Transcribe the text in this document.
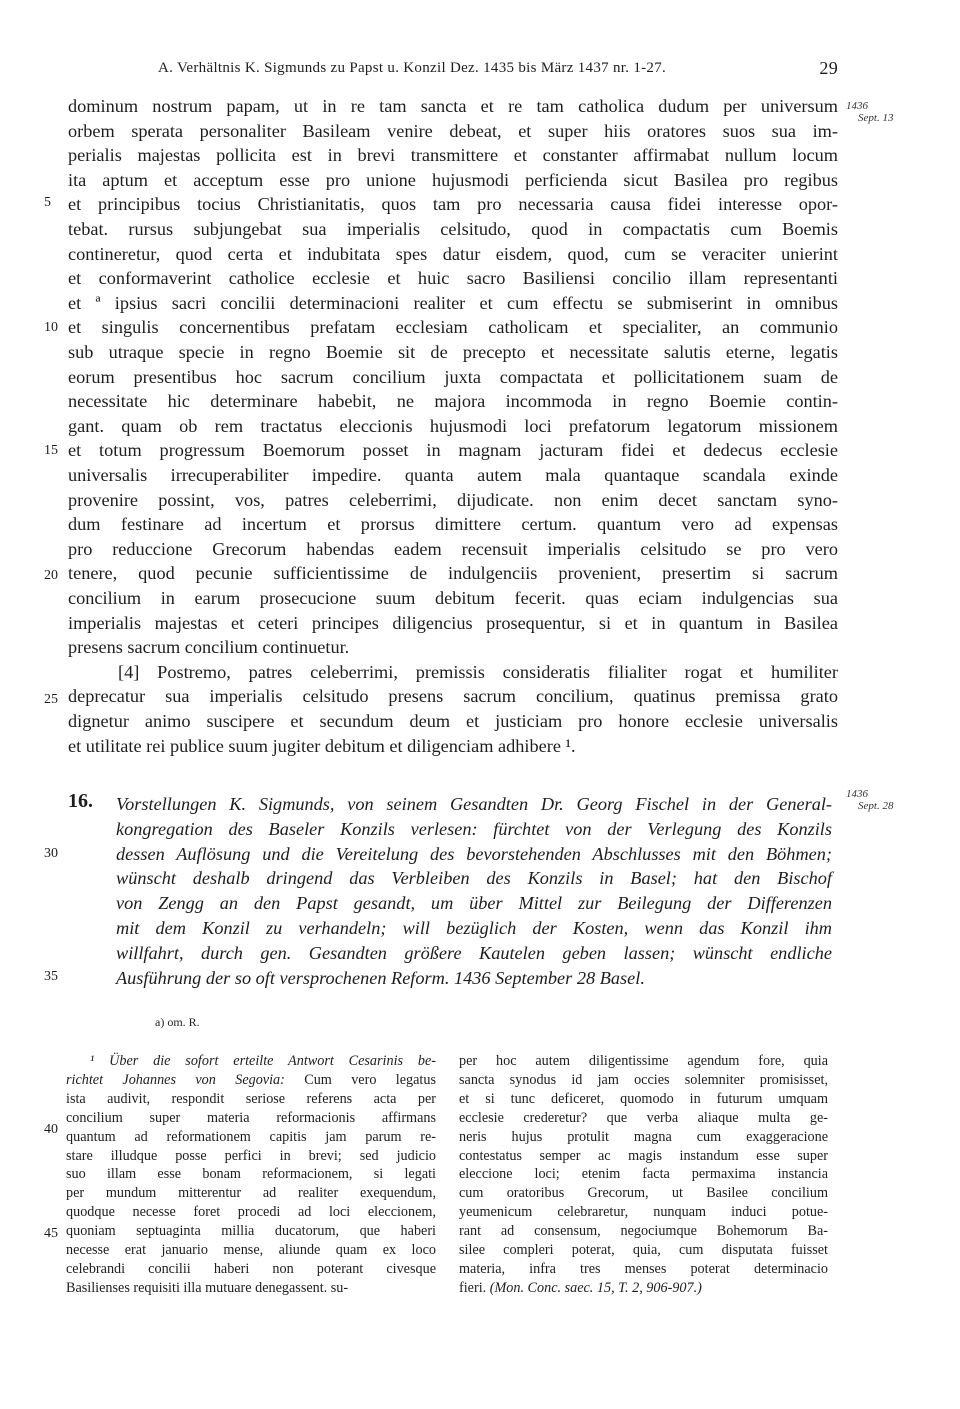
A. Verhältnis K. Sigmunds zu Papst u. Konzil Dez. 1435 bis März 1437 nr. 1-27.	29
1436
Sept. 13
dominum nostrum papam, ut in re tam sancta et re tam catholica dudum per universum
orbem sperata personaliter Basileam venire debeat, et super hiis oratores suos sua im-
perialis majestas pollicita est in brevi transmittere et constanter affirmabat nullum locum
ita aptum et acceptum esse pro unione hujusmodi perficienda sicut Basilea pro regibus
et principibus tocius Christianitatis, quos tam pro necessaria causa fidei interesse opor-
tebat. rursus subjungebat sua imperialis celsitudo, quod in compactatis cum Boemis
contineretur, quod certa et indubitata spes datur eisdem, quod, cum se veraciter unierint
et conformaverint catholice ecclesie et huic sacro Basiliensi concilio illam representanti
et ª ipsius sacri concilii determinacioni realiter et cum effectu se submiserint in omnibus
et singulis concernentibus prefatam ecclesiam catholicam et specialiter, an communio
sub utraque specie in regno Boemie sit de precepto et necessitate salutis eterne, legatis
eorum presentibus hoc sacrum concilium juxta compactata et pollicitationem suam de
necessitate hic determinare habebit, ne majora incommoda in regno Boemie contin-
gant. quam ob rem tractatus eleccionis hujusmodi loci prefatorum legatorum missionem
et totum progressum Boemorum posset in magnam jacturam fidei et dedecus ecclesie
universalis irrecuperabiliter impedire. quanta autem mala quantaque scandala exinde
provenire possint, vos, patres celeberrimi, dijudicate. non enim decet sanctam syno-
dum festinare ad incertum et prorsus dimittere certum. quantum vero ad expensas
pro reduccione Grecorum habendas eadem recensuit imperialis celsitudo se pro vero
tenere, quod pecunie sufficientissime de indulgenciis provenient, presertim si sacrum
concilium in earum prosecucione suum debitum fecerit. quas eciam indulgencias sua
imperialis majestas et ceteri principes diligencius prosequentur, si et in quantum in Basilea
presens sacrum concilium continuetur.
[4] Postremo, patres celeberrimi, premissis consideratis filialiter rogat et humiliter
deprecatur sua imperialis celsitudo presens sacrum concilium, quatinus premissa grato
dignetur animo suscipere et secundum deum et justiciam pro honore ecclesie universalis
et utilitate rei publice suum jugiter debitum et diligenciam adhibere ¹.
5
10
15
20
25
30
35
40
45
16.	1436
Sept. 28
Vorstellungen K. Sigmunds, von seinem Gesandten Dr. Georg Fischel in der General-
kongregation des Baseler Konzils verlesen: fürchtet von der Verlegung des Konzils
dessen Auflösung und die Vereitelung des bevorstehenden Abschlusses mit den Böhmen;
wünscht deshalb dringend das Verbleiben des Konzils in Basel; hat den Bischof
von Zengg an den Papst gesandt, um über Mittel zur Beilegung der Differenzen
mit dem Konzil zu verhandeln; will bezüglich der Kosten, wenn das Konzil ihm
willfahrt, durch gen. Gesandten größere Kautelen geben lassen; wünscht endliche
Ausführung der so oft versprochenen Reform. 1436 September 28 Basel.
a) om. R.
¹ Über die sofort erteilte Antwort Cesarinis be-
richtet Johannes von Segovia: Cum vero legatus
ista audivit, respondit seriose referens acta per
concilium super materia reformacionis affirmans
quantum ad reformationem capitis jam parum re-
stare illudque posse perfici in brevi; sed judicio
suo illam esse bonam reformacionem, si legati
per mundum mitterentur ad realiter exequendum,
quodque necesse foret procedi ad loci eleccionem,
quoniam septuaginta millia ducatorum, que haberi
necesse erat januario mense, aliunde quam ex loco
celebrandi concilii haberi non poterant civesque
Basilienses requisiti illa mutuare denegassent. su-
per hoc autem diligentissime agendum fore, quia
sancta synodus id jam occies solemniter promisisset,
et si tunc deficeret, quomodo in futurum umquam
ecclesie crederetur? que verba aliaque multa ge-
neris hujus protulit magna cum exaggeracione
contestatus semper ac magis instandum esse super
eleccione loci; etenim facta permaxima instancia
cum oratoribus Grecorum, ut Basilee concilium
yeumenicum celebraretur, nunquam induci potue-
rant ad consensum, negociumque Bohemorum Ba-
silee compleri poterat, quia, cum disputata fuisset
materia, infra tres menses poterat determinacio
fieri. (Mon. Conc. saec. 15, T. 2, 906-907.)
